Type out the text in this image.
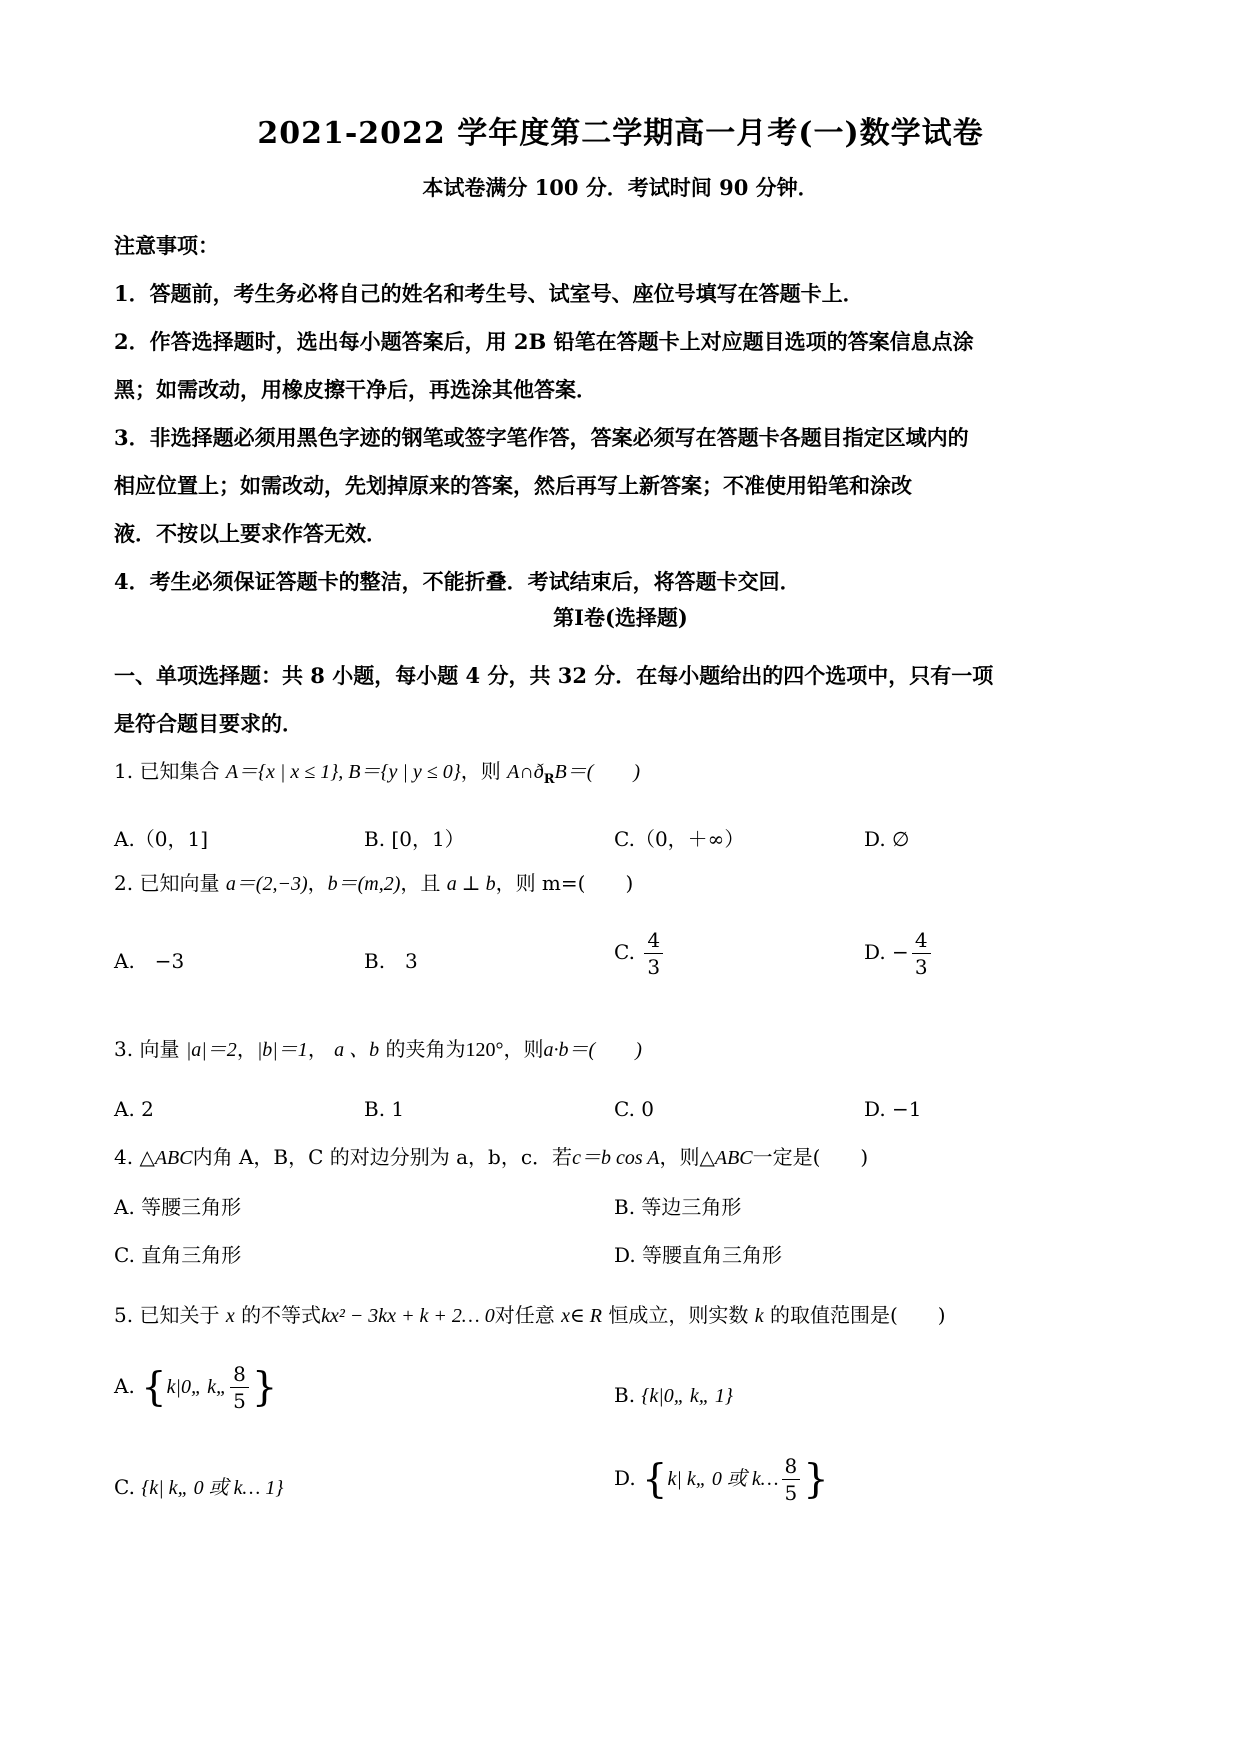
2021-2022 学年度第二学期高一月考(一)数学试卷
本试卷满分 100 分．考试时间 90 分钟．
注意事项：
1．答题前，考生务必将自己的姓名和考生号、试室号、座位号填写在答题卡上．
2．作答选择题时，选出每小题答案后，用 2B 铅笔在答题卡上对应题目选项的答案信息点涂
黑；如需改动，用橡皮擦干净后，再选涂其他答案．
3．非选择题必须用黑色字迹的钢笔或签字笔作答，答案必须写在答题卡各题目指定区域内的
相应位置上；如需改动，先划掉原来的答案，然后再写上新答案；不准使用铅笔和涂改
液．不按以上要求作答无效．
4．考生必须保证答题卡的整洁，不能折叠．考试结束后，将答题卡交回．
第I卷(选择题)
一、单项选择题：共 8 小题，每小题 4 分，共 32 分．在每小题给出的四个选项中，只有一项
是符合题目要求的．
1. 已知集合 A＝{x | x ≤ 1}, B＝{y | y ≤ 0}，则 $A\cap ð_RB=$(　　)
A.（0，1]	B. [0，1）	C.（0，＋∞）	D. ∅
2. 已知向量 a＝(2,−3)，b＝(m,2)，且 a ⊥ b，则 m=(　　)
A.　−3	B.　3	C. $\frac{4}{3}$	D. − $\frac{4}{3}$
3. 向量 |a|＝2，|b|＝1， a 、b 的夹角为120°，则a·b＝(　　)
A. 2	B. 1	C. 0	D. −1
4. △ABC内角 A，B，C 的对边分别为 a，b，c．若c＝b cos A，则△ABC一定是(　　)
A. 等腰三角形	B. 等边三角形
C. 直角三角形	D. 等腰直角三角形
5. 已知关于 x 的不等式kx² − 3kx + k + 2… 0对任意 x∈ R 恒成立，则实数 k 的取值范围是(　　)
A. {k|0„ k„ $\frac{8}{5}$ }	B. {k|0„ k„ 1}
C. {k| k„ 0 或 k… 1}	D. {k| k„ 0 或 k… $\frac{8}{5}$ }
